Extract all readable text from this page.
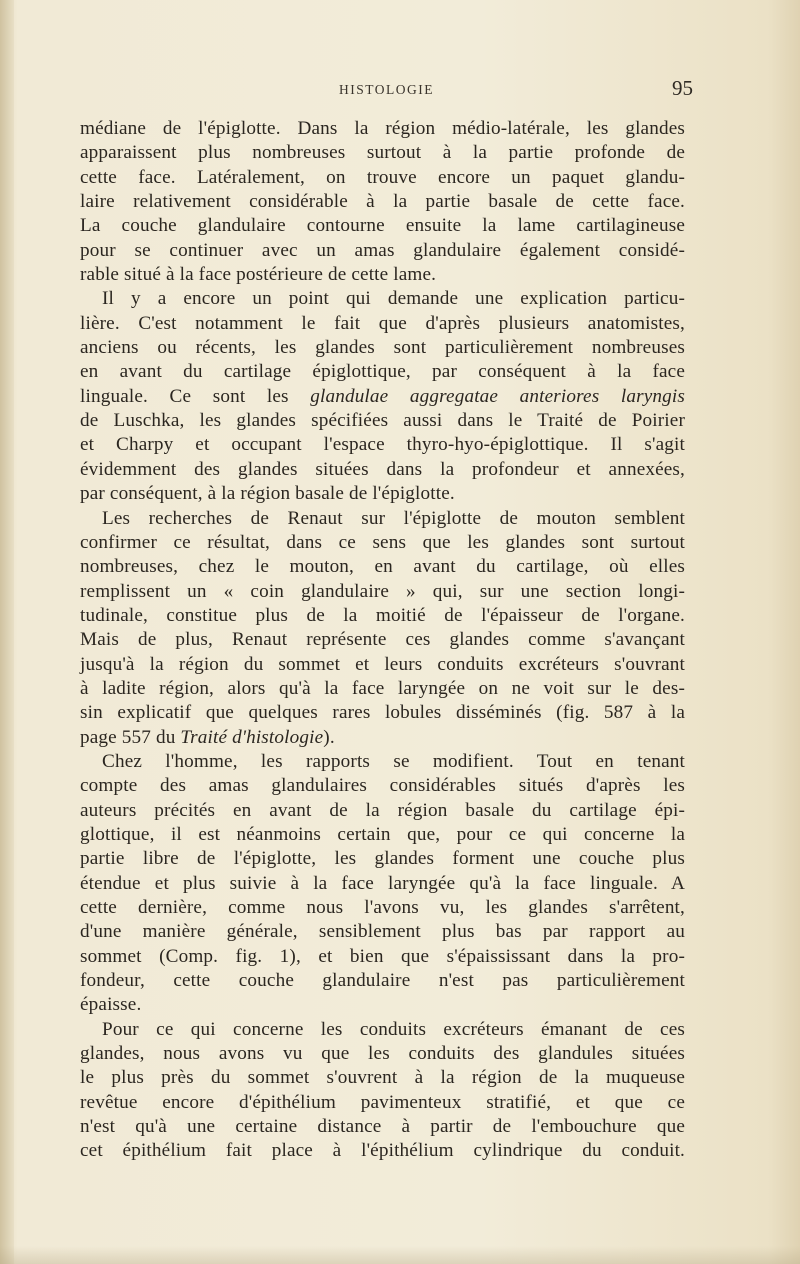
HISTOLOGIE	95
médiane de l'épiglotte. Dans la région médio-latérale, les glandes
apparaissent plus nombreuses surtout à la partie profonde de
cette face. Latéralement, on trouve encore un paquet glandu-
laire relativement considérable à la partie basale de cette face.
La couche glandulaire contourne ensuite la lame cartilagineuse
pour se continuer avec un amas glandulaire également considé-
rable situé à la face postérieure de cette lame.
Il y a encore un point qui demande une explication particu-
lière. C'est notamment le fait que d'après plusieurs anatomistes,
anciens ou récents, les glandes sont particulièrement nombreuses
en avant du cartilage épiglottique, par conséquent à la face
linguale. Ce sont les glandulae aggregatae anteriores laryngis
de Luschka, les glandes spécifiées aussi dans le Traité de Poirier
et Charpy et occupant l'espace thyro-hyo-épiglottique. Il s'agit
évidemment des glandes situées dans la profondeur et annexées,
par conséquent, à la région basale de l'épiglotte.
Les recherches de Renaut sur l'épiglotte de mouton semblent
confirmer ce résultat, dans ce sens que les glandes sont surtout
nombreuses, chez le mouton, en avant du cartilage, où elles
remplissent un « coin glandulaire » qui, sur une section longi-
tudinale, constitue plus de la moitié de l'épaisseur de l'organe.
Mais de plus, Renaut représente ces glandes comme s'avançant
jusqu'à la région du sommet et leurs conduits excréteurs s'ouvrant
à ladite région, alors qu'à la face laryngée on ne voit sur le des-
sin explicatif que quelques rares lobules disséminés (fig. 587 à la
page 557 du Traité d'histologie).
Chez l'homme, les rapports se modifient. Tout en tenant
compte des amas glandulaires considérables situés d'après les
auteurs précités en avant de la région basale du cartilage épi-
glottique, il est néanmoins certain que, pour ce qui concerne la
partie libre de l'épiglotte, les glandes forment une couche plus
étendue et plus suivie à la face laryngée qu'à la face linguale. A
cette dernière, comme nous l'avons vu, les glandes s'arrêtent,
d'une manière générale, sensiblement plus bas par rapport au
sommet (Comp. fig. 1), et bien que s'épaississant dans la pro-
fondeur, cette couche glandulaire n'est pas particulièrement
épaisse.
Pour ce qui concerne les conduits excréteurs émanant de ces
glandes, nous avons vu que les conduits des glandules situées
le plus près du sommet s'ouvrent à la région de la muqueuse
revêtue encore d'épithélium pavimenteux stratifié, et que ce
n'est qu'à une certaine distance à partir de l'embouchure que
cet épithélium fait place à l'épithélium cylindrique du conduit.
